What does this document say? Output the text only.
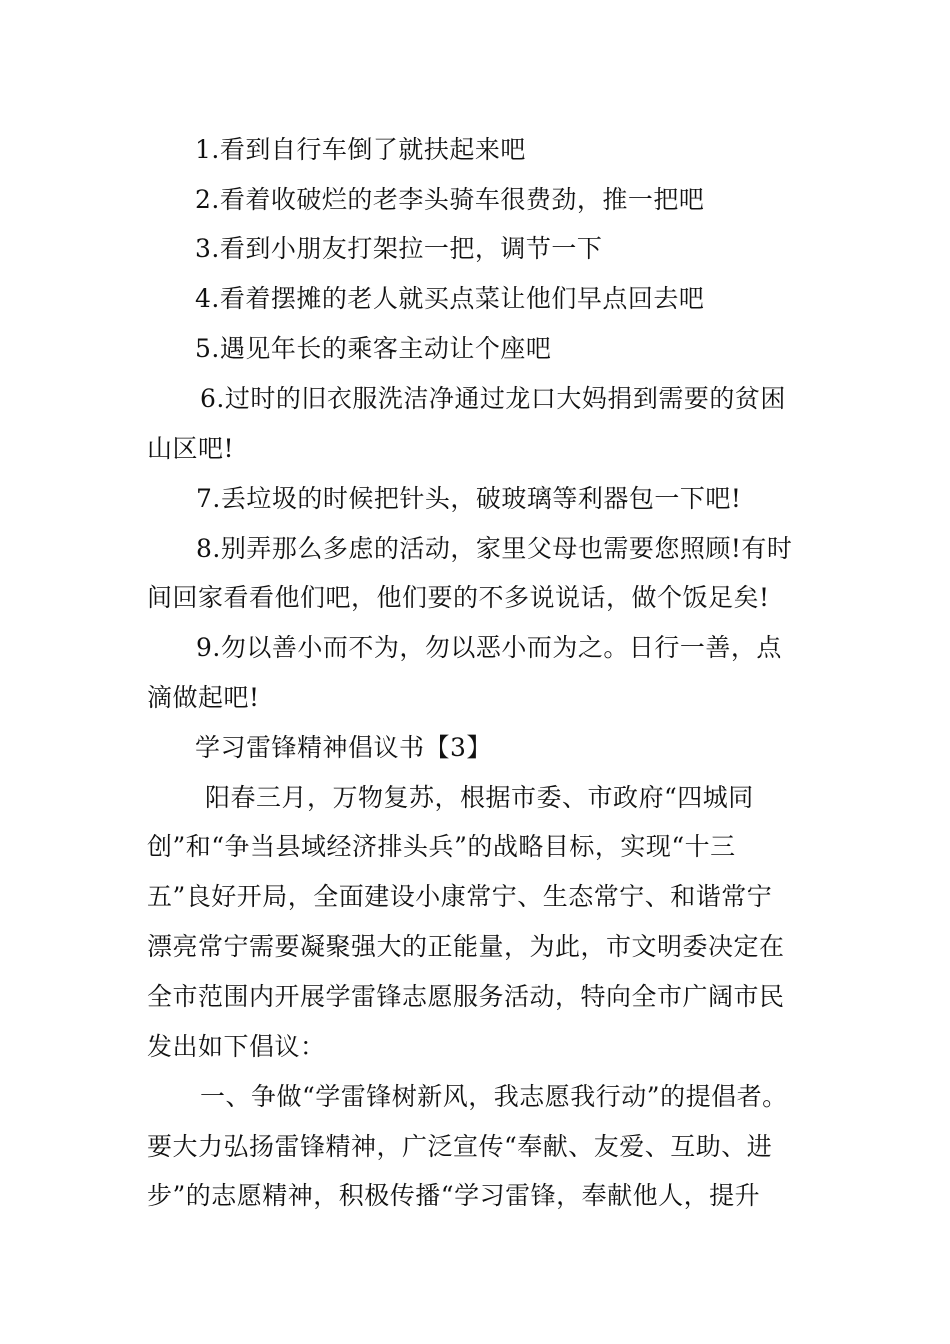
1.看到自行车倒了就扶起来吧
2.看着收破烂的老李头骑车很费劲，推一把吧
3.看到小朋友打架拉一把，调节一下
4.看着摆摊的老人就买点菜让他们早点回去吧
5.遇见年长的乘客主动让个座吧
6.过时的旧衣服洗洁净通过龙口大妈捐到需要的贫困
山区吧!
7.丢垃圾的时候把针头，破玻璃等利器包一下吧!
8.别弄那么多虑的活动，家里父母也需要您照顾!有时
间回家看看他们吧，他们要的不多说说话，做个饭足矣!
9.勿以善小而不为，勿以恶小而为之。日行一善，点
滴做起吧!
学习雷锋精神倡议书【3】
阳春三月，万物复苏，根据市委、市政府“四城同
创”和“争当县域经济排头兵”的战略目标，实现“十三
五”良好开局，全面建设小康常宁、生态常宁、和谐常宁
漂亮常宁需要凝聚强大的正能量，为此，市文明委决定在
全市范围内开展学雷锋志愿服务活动，特向全市广阔市民
发出如下倡议：
一、争做“学雷锋树新风，我志愿我行动”的提倡者。
要大力弘扬雷锋精神，广泛宣传“奉献、友爱、互助、进
步”的志愿精神，积极传播“学习雷锋，奉献他人，提升
